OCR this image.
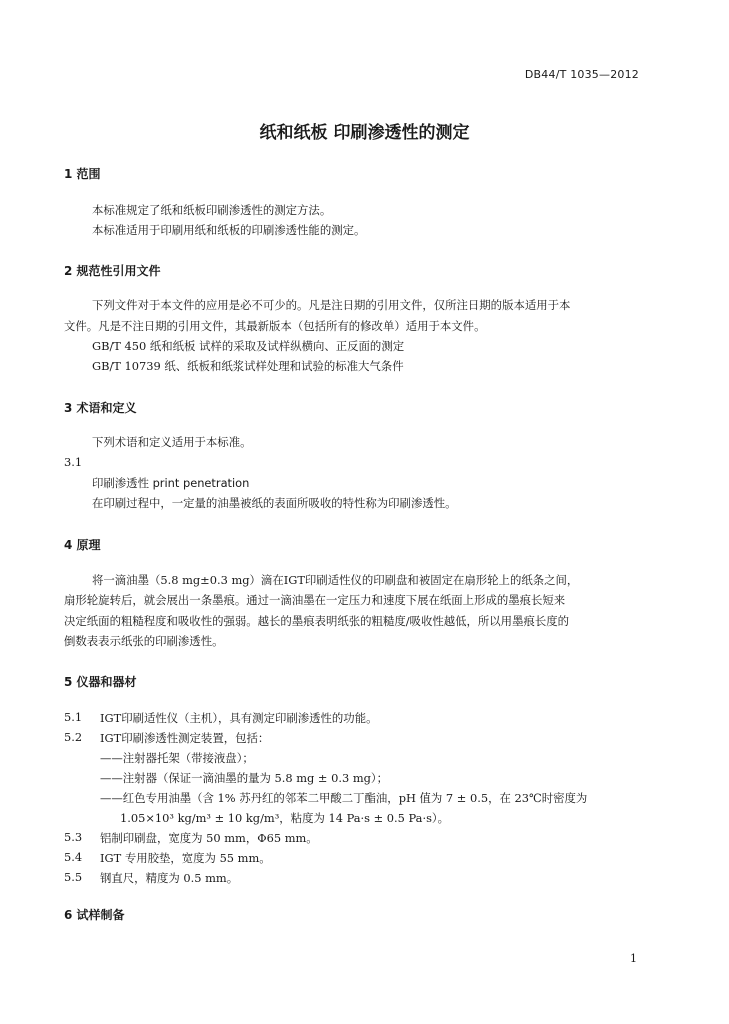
DB44/T 1035—2012
纸和纸板 印刷渗透性的测定
1 范围
本标准规定了纸和纸板印刷渗透性的测定方法。
本标准适用于印刷用纸和纸板的印刷渗透性能的测定。
2 规范性引用文件
下列文件对于本文件的应用是必不可少的。凡是注日期的引用文件，仅所注日期的版本适用于本
文件。凡是不注日期的引用文件，其最新版本（包括所有的修改单）适用于本文件。
GB/T 450 纸和纸板 试样的采取及试样纵横向、正反面的测定
GB/T 10739 纸、纸板和纸浆试样处理和试验的标准大气条件
3 术语和定义
下列术语和定义适用于本标准。
3.1
印刷渗透性 print penetration
在印刷过程中，一定量的油墨被纸的表面所吸收的特性称为印刷渗透性。
4 原理
将一滴油墨（5.8 mg±0.3 mg）滴在IGT印刷适性仪的印刷盘和被固定在扇形轮上的纸条之间，
扇形轮旋转后，就会展出一条墨痕。通过一滴油墨在一定压力和速度下展在纸面上形成的墨痕长短来
决定纸面的粗糙程度和吸收性的强弱。越长的墨痕表明纸张的粗糙度/吸收性越低，所以用墨痕长度的
倒数表表示纸张的印刷渗透性。
5 仪器和器材
5.1 IGT印刷适性仪（主机），具有测定印刷渗透性的功能。
5.2 IGT印刷渗透性测定装置，包括：
——注射器托架（带接液盘）；
——注射器（保证一滴油墨的量为 5.8 mg ± 0.3 mg）；
——红色专用油墨（含 1% 苏丹红的邻苯二甲酸二丁酯油，pH 值为 7 ± 0.5，在 23℃时密度为
1.05×10³ kg/m³ ± 10 kg/m³，粘度为 14 Pa·s ± 0.5 Pa·s）。
5.3 铝制印刷盘，宽度为 50 mm，Φ65 mm。
5.4 IGT 专用胶垫，宽度为 55 mm。
5.5 钢直尺，精度为 0.5 mm。
6 试样制备
1
